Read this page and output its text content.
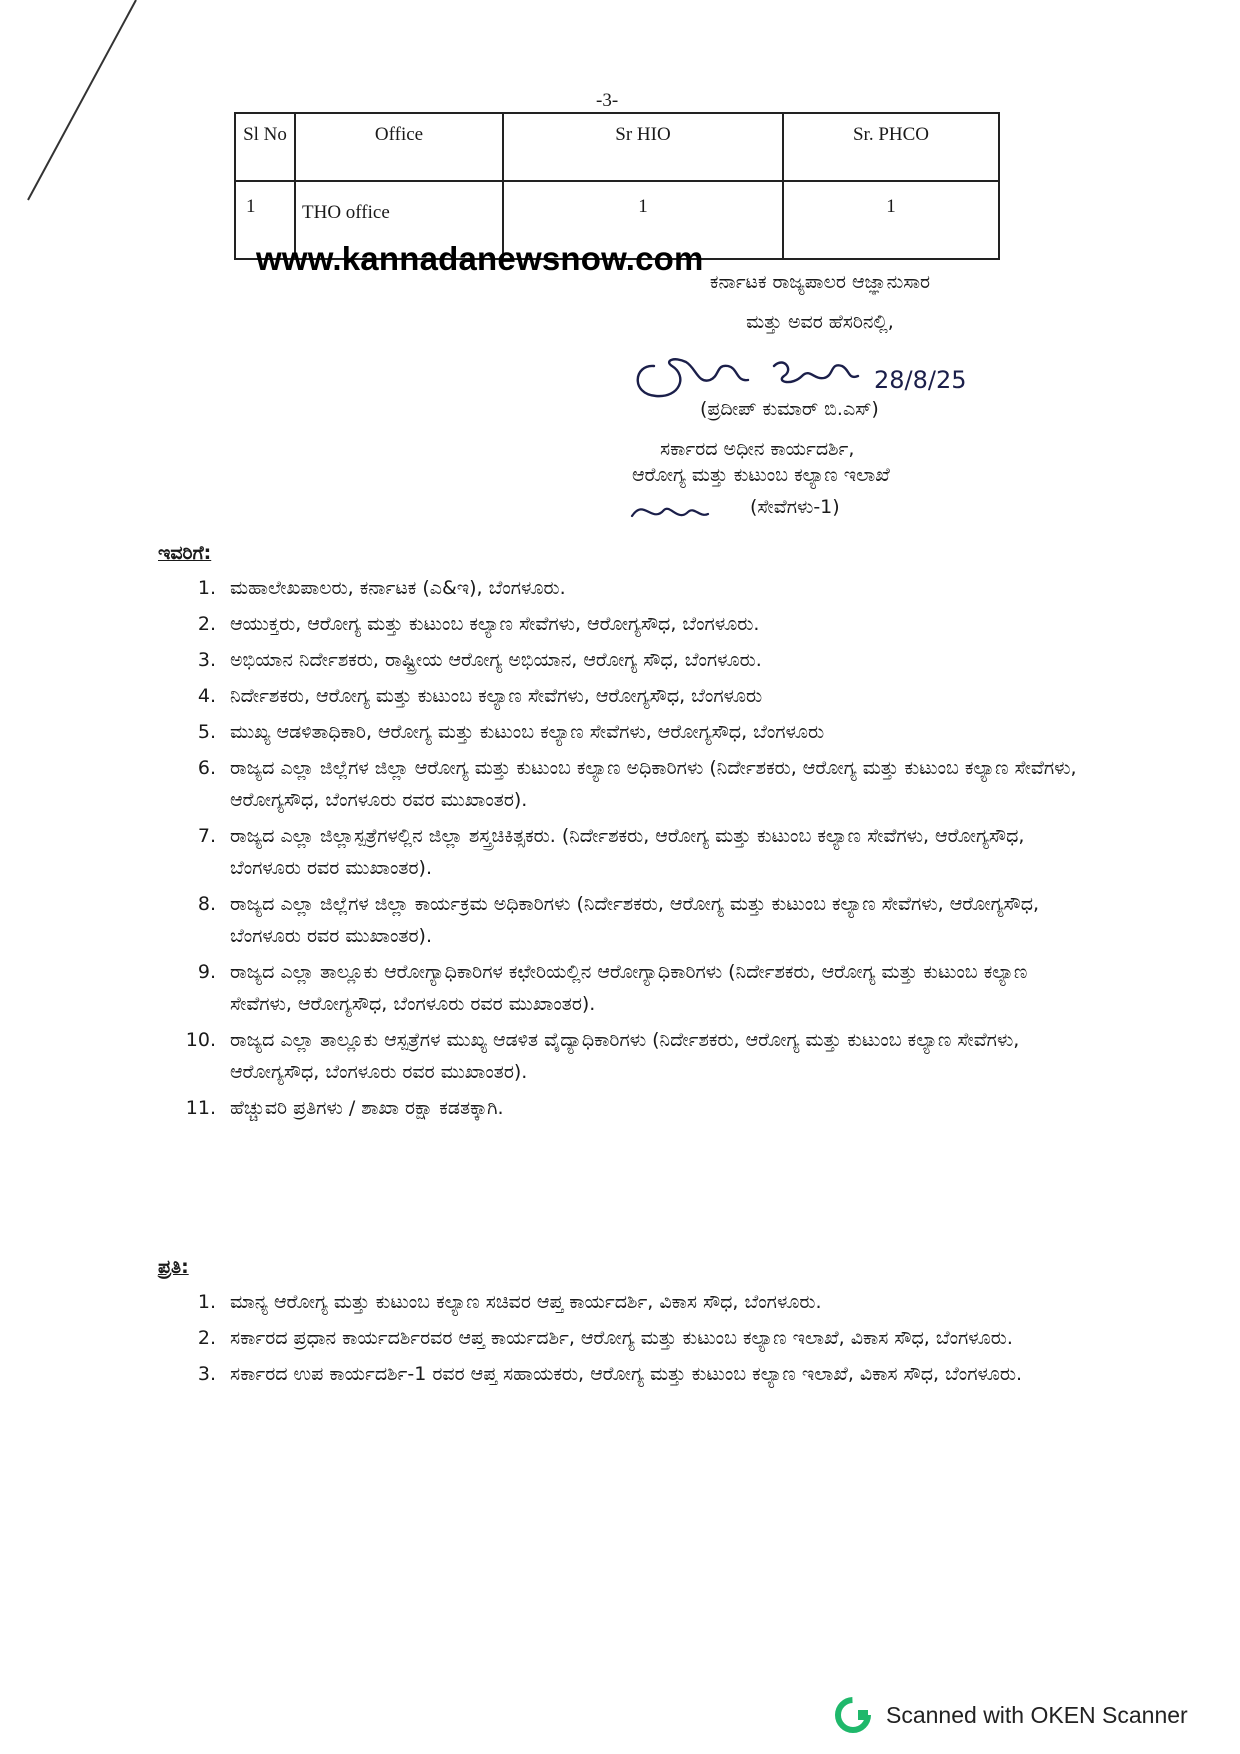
-3-
Sl No	Office	Sr HIO	Sr. PHCO
1	THO office	1	1
www.kannadanewsnow.com
ಕರ್ನಾಟಕ ರಾಜ್ಯಪಾಲರ ಆಜ್ಞಾನುಸಾರ
ಮತ್ತು ಅವರ ಹೆಸರಿನಲ್ಲಿ,
28/8/25
(ಪ್ರದೀಪ್ ಕುಮಾರ್ ಬಿ.ಎಸ್)
ಸರ್ಕಾರದ ಅಧೀನ ಕಾರ್ಯದರ್ಶಿ,
ಆರೋಗ್ಯ ಮತ್ತು ಕುಟುಂಬ ಕಲ್ಯಾಣ ಇಲಾಖೆ
(ಸೇವೆಗಳು-1)
ಇವರಿಗೆ:
1. ಮಹಾಲೇಖಪಾಲರು, ಕರ್ನಾಟಕ (ಎ&ಇ), ಬೆಂಗಳೂರು.
2. ಆಯುಕ್ತರು, ಆರೋಗ್ಯ ಮತ್ತು ಕುಟುಂಬ ಕಲ್ಯಾಣ ಸೇವೆಗಳು, ಆರೋಗ್ಯಸೌಧ, ಬೆಂಗಳೂರು.
3. ಅಭಿಯಾನ ನಿರ್ದೇಶಕರು, ರಾಷ್ಟ್ರೀಯ ಆರೋಗ್ಯ ಅಭಿಯಾನ, ಆರೋಗ್ಯ ಸೌಧ, ಬೆಂಗಳೂರು.
4. ನಿರ್ದೇಶಕರು, ಆರೋಗ್ಯ ಮತ್ತು ಕುಟುಂಬ ಕಲ್ಯಾಣ ಸೇವೆಗಳು, ಆರೋಗ್ಯಸೌಧ, ಬೆಂಗಳೂರು
5. ಮುಖ್ಯ ಆಡಳಿತಾಧಿಕಾರಿ, ಆರೋಗ್ಯ ಮತ್ತು ಕುಟುಂಬ ಕಲ್ಯಾಣ ಸೇವೆಗಳು, ಆರೋಗ್ಯಸೌಧ, ಬೆಂಗಳೂರು
6. ರಾಜ್ಯದ ಎಲ್ಲಾ ಜಿಲ್ಲೆಗಳ ಜಿಲ್ಲಾ ಆರೋಗ್ಯ ಮತ್ತು ಕುಟುಂಬ ಕಲ್ಯಾಣ ಅಧಿಕಾರಿಗಳು (ನಿರ್ದೇಶಕರು, ಆರೋಗ್ಯ ಮತ್ತು ಕುಟುಂಬ ಕಲ್ಯಾಣ ಸೇವೆಗಳು, ಆರೋಗ್ಯಸೌಧ, ಬೆಂಗಳೂರು ರವರ ಮುಖಾಂತರ).
7. ರಾಜ್ಯದ ಎಲ್ಲಾ ಜಿಲ್ಲಾಸ್ಪತ್ರೆಗಳಲ್ಲಿನ ಜಿಲ್ಲಾ ಶಸ್ತ್ರಚಿಕಿತ್ಸಕರು. (ನಿರ್ದೇಶಕರು, ಆರೋಗ್ಯ ಮತ್ತು ಕುಟುಂಬ ಕಲ್ಯಾಣ ಸೇವೆಗಳು, ಆರೋಗ್ಯಸೌಧ, ಬೆಂಗಳೂರು ರವರ ಮುಖಾಂತರ).
8. ರಾಜ್ಯದ ಎಲ್ಲಾ ಜಿಲ್ಲೆಗಳ ಜಿಲ್ಲಾ ಕಾರ್ಯಕ್ರಮ ಅಧಿಕಾರಿಗಳು (ನಿರ್ದೇಶಕರು, ಆರೋಗ್ಯ ಮತ್ತು ಕುಟುಂಬ ಕಲ್ಯಾಣ ಸೇವೆಗಳು, ಆರೋಗ್ಯಸೌಧ, ಬೆಂಗಳೂರು ರವರ ಮುಖಾಂತರ).
9. ರಾಜ್ಯದ ಎಲ್ಲಾ ತಾಲ್ಲೂಕು ಆರೋಗ್ಯಾಧಿಕಾರಿಗಳ ಕಛೇರಿಯಲ್ಲಿನ ಆರೋಗ್ಯಾಧಿಕಾರಿಗಳು (ನಿರ್ದೇಶಕರು, ಆರೋಗ್ಯ ಮತ್ತು ಕುಟುಂಬ ಕಲ್ಯಾಣ ಸೇವೆಗಳು, ಆರೋಗ್ಯಸೌಧ, ಬೆಂಗಳೂರು ರವರ ಮುಖಾಂತರ).
10. ರಾಜ್ಯದ ಎಲ್ಲಾ ತಾಲ್ಲೂಕು ಆಸ್ಪತ್ರೆಗಳ ಮುಖ್ಯ ಆಡಳಿತ ವೈದ್ಯಾಧಿಕಾರಿಗಳು (ನಿರ್ದೇಶಕರು, ಆರೋಗ್ಯ ಮತ್ತು ಕುಟುಂಬ ಕಲ್ಯಾಣ ಸೇವೆಗಳು, ಆರೋಗ್ಯಸೌಧ, ಬೆಂಗಳೂರು ರವರ ಮುಖಾಂತರ).
11. ಹೆಚ್ಚುವರಿ ಪ್ರತಿಗಳು / ಶಾಖಾ ರಕ್ಷಾ ಕಡತಕ್ಕಾಗಿ.
ಪ್ರತಿ:
1. ಮಾನ್ಯ ಆರೋಗ್ಯ ಮತ್ತು ಕುಟುಂಬ ಕಲ್ಯಾಣ ಸಚಿವರ ಆಪ್ತ ಕಾರ್ಯದರ್ಶಿ, ವಿಕಾಸ ಸೌಧ, ಬೆಂಗಳೂರು.
2. ಸರ್ಕಾರದ ಪ್ರಧಾನ ಕಾರ್ಯದರ್ಶಿರವರ ಆಪ್ತ ಕಾರ್ಯದರ್ಶಿ, ಆರೋಗ್ಯ ಮತ್ತು ಕುಟುಂಬ ಕಲ್ಯಾಣ ಇಲಾಖೆ, ವಿಕಾಸ ಸೌಧ, ಬೆಂಗಳೂರು.
3. ಸರ್ಕಾರದ ಉಪ ಕಾರ್ಯದರ್ಶಿ-1 ರವರ ಆಪ್ತ ಸಹಾಯಕರು, ಆರೋಗ್ಯ ಮತ್ತು ಕುಟುಂಬ ಕಲ್ಯಾಣ ಇಲಾಖೆ, ವಿಕಾಸ ಸೌಧ, ಬೆಂಗಳೂರು.
Scanned with OKEN Scanner
